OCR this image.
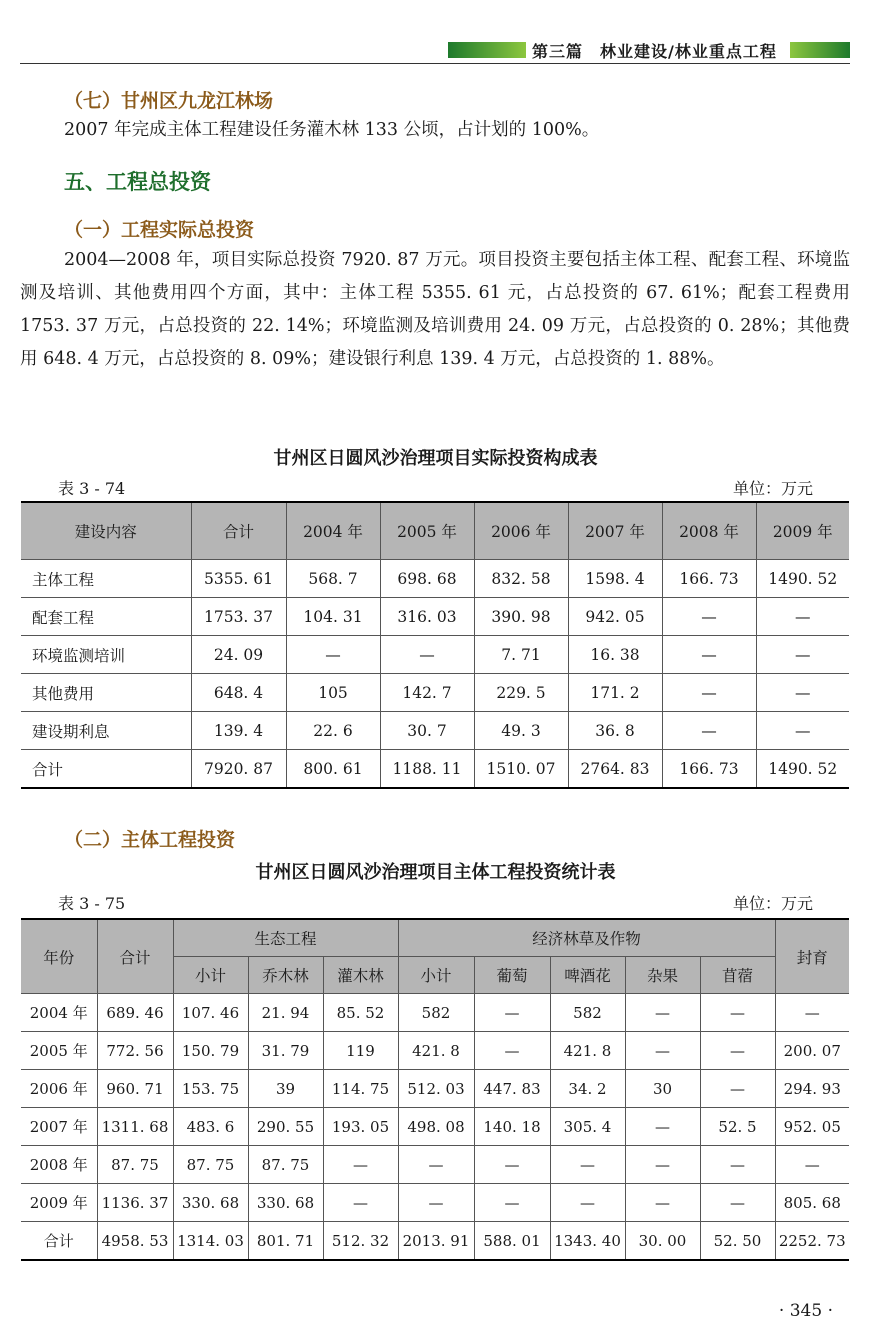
第三篇　林业建设/林业重点工程
（七）甘州区九龙江林场

2007 年完成主体工程建设任务灌木林 133 公顷，占计划的 100%。

五、工程总投资
（一）工程实际总投资

2004—2008 年，项目实际总投资 7920. 87 万元。项目投资主要包括主体工程、配套工程、环境监测及培训、其他费用四个方面，其中：主体工程 5355. 61 元，占总投资的 67. 61%；配套工程费用 1753. 37 万元，占总投资的 22. 14%；环境监测及培训费用 24. 09 万元，占总投资的 0. 28%；其他费用 648. 4 万元，占总投资的 8. 09%；建设银行利息 139. 4 万元，占总投资的 1. 88%。

甘州区日圆风沙治理项目实际投资构成表
表 3 - 74	单位：万元
建设内容	合计	2004 年	2005 年	2006 年	2007 年	2008 年	2009 年
主体工程	5355. 61	568. 7	698. 68	832. 58	1598. 4	166. 73	1490. 52
配套工程	1753. 37	104. 31	316. 03	390. 98	942. 05	—	—
环境监测培训	24. 09	—	—	7. 71	16. 38	—	—
其他费用	648. 4	105	142. 7	229. 5	171. 2	—	—
建设期利息	139. 4	22. 6	30. 7	49. 3	36. 8	—	—
合计	7920. 87	800. 61	1188. 11	1510. 07	2764. 83	166. 73	1490. 52
（二）主体工程投资
甘州区日圆风沙治理项目主体工程投资统计表
表 3 - 75	单位：万元
年份	合计	生态工程			经济林草及作物					封育
		小计	乔木林	灌木林	小计	葡萄	啤酒花	杂果	苜蓿	
2004 年	689. 46	107. 46	21. 94	85. 52	582	—	582	—	—	—
2005 年	772. 56	150. 79	31. 79	119	421. 8	—	421. 8	—	—	200. 07
2006 年	960. 71	153. 75	39	114. 75	512. 03	447. 83	34. 2	30	—	294. 93
2007 年	1311. 68	483. 6	290. 55	193. 05	498. 08	140. 18	305. 4	—	52. 5	952. 05
2008 年	87. 75	87. 75	87. 75	—	—	—	—	—	—	—
2009 年	1136. 37	330. 68	330. 68	—	—	—	—	—	—	805. 68
合计	4958. 53	1314. 03	801. 71	512. 32	2013. 91	588. 01	1343. 40	30. 00	52. 50	2252. 73
· 345 ·
